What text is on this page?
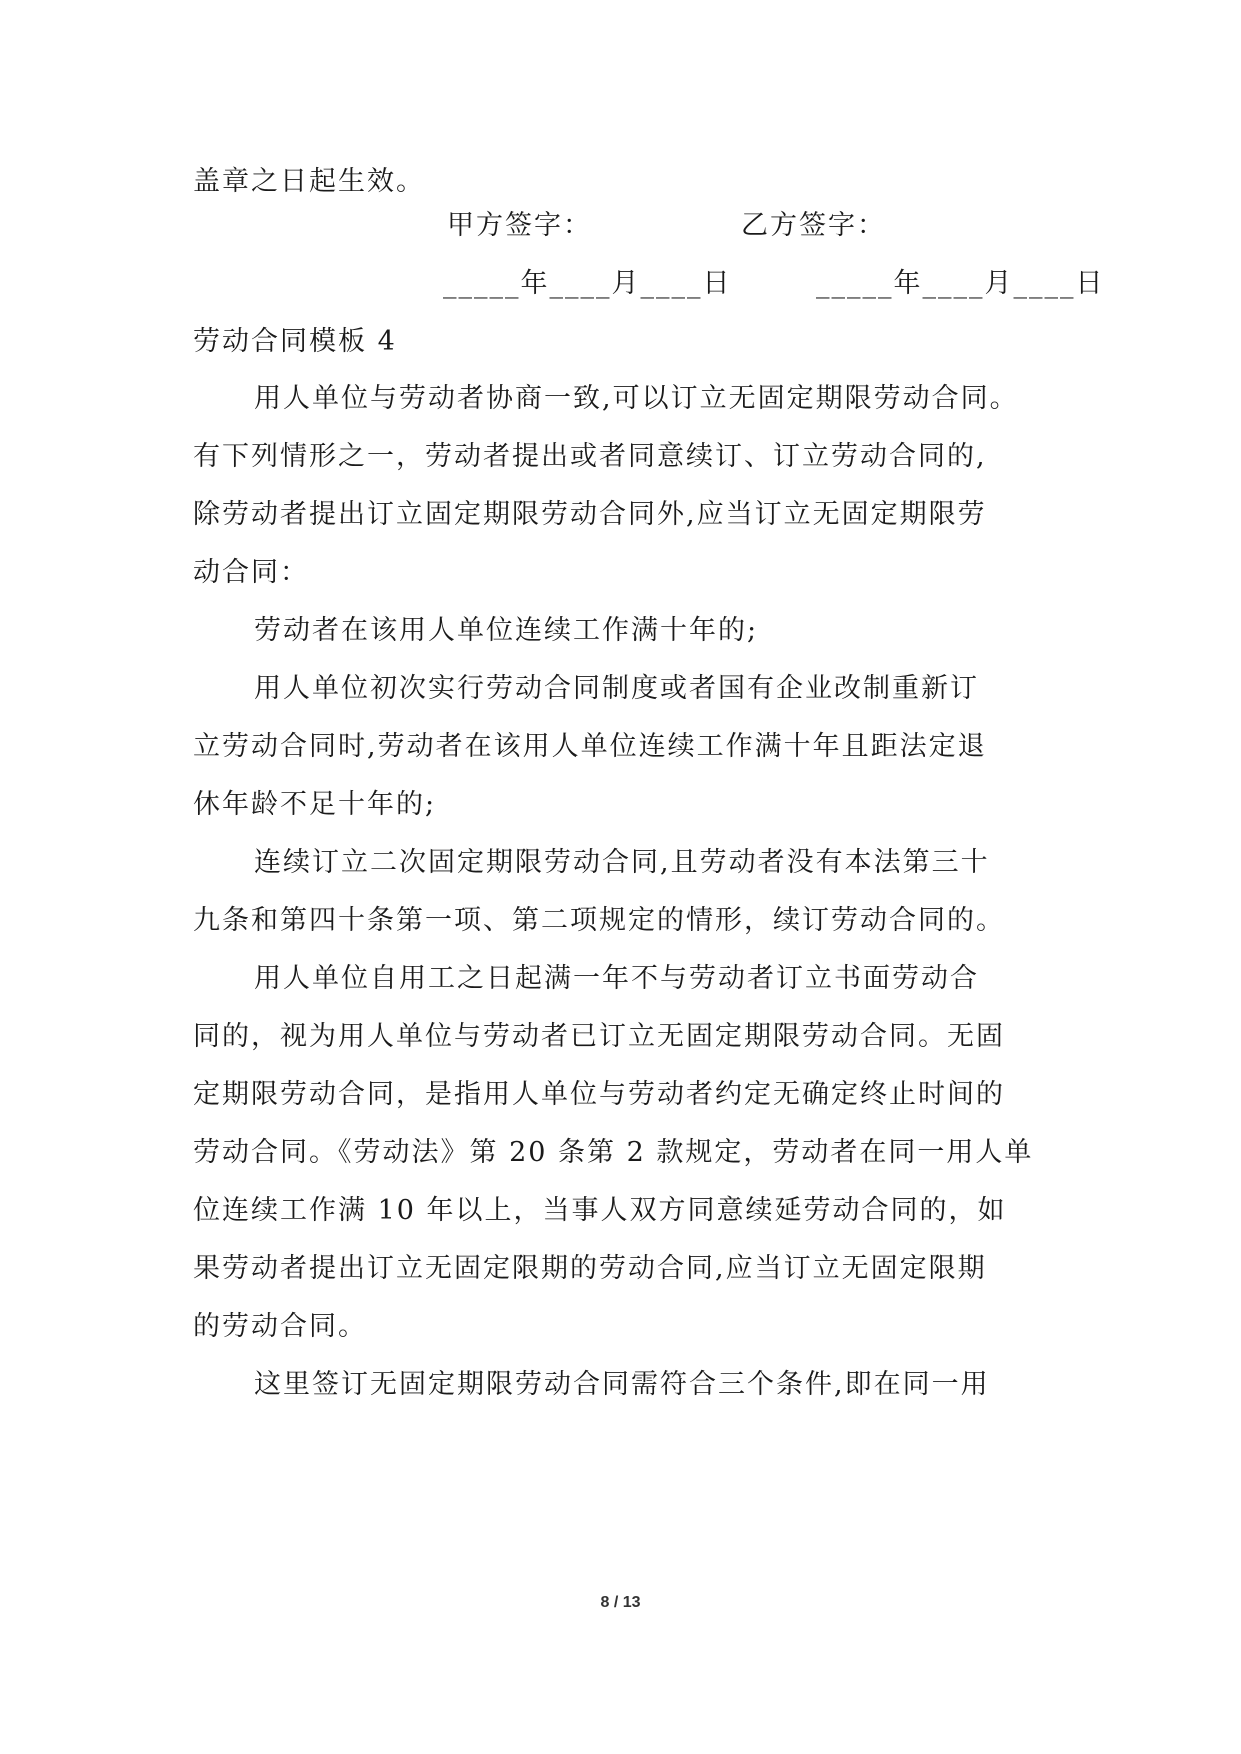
盖章之日起生效。
甲方签字：	乙方签字：
_____年____月____日	_____年____月____日
劳动合同模板 4
用人单位与劳动者协商一致,可以订立无固定期限劳动合同。
有下列情形之一，劳动者提出或者同意续订、订立劳动合同的,
除劳动者提出订立固定期限劳动合同外,应当订立无固定期限劳
动合同：
劳动者在该用人单位连续工作满十年的;
用人单位初次实行劳动合同制度或者国有企业改制重新订
立劳动合同时,劳动者在该用人单位连续工作满十年且距法定退
休年龄不足十年的;
连续订立二次固定期限劳动合同,且劳动者没有本法第三十
九条和第四十条第一项、第二项规定的情形，续订劳动合同的。
用人单位自用工之日起满一年不与劳动者订立书面劳动合
同的，视为用人单位与劳动者已订立无固定期限劳动合同。无固
定期限劳动合同，是指用人单位与劳动者约定无确定终止时间的
劳动合同。《劳动法》第 20 条第 2 款规定，劳动者在同一用人单
位连续工作满 10 年以上，当事人双方同意续延劳动合同的，如
果劳动者提出订立无固定限期的劳动合同,应当订立无固定限期
的劳动合同。
这里签订无固定期限劳动合同需符合三个条件,即在同一用
8 / 13
